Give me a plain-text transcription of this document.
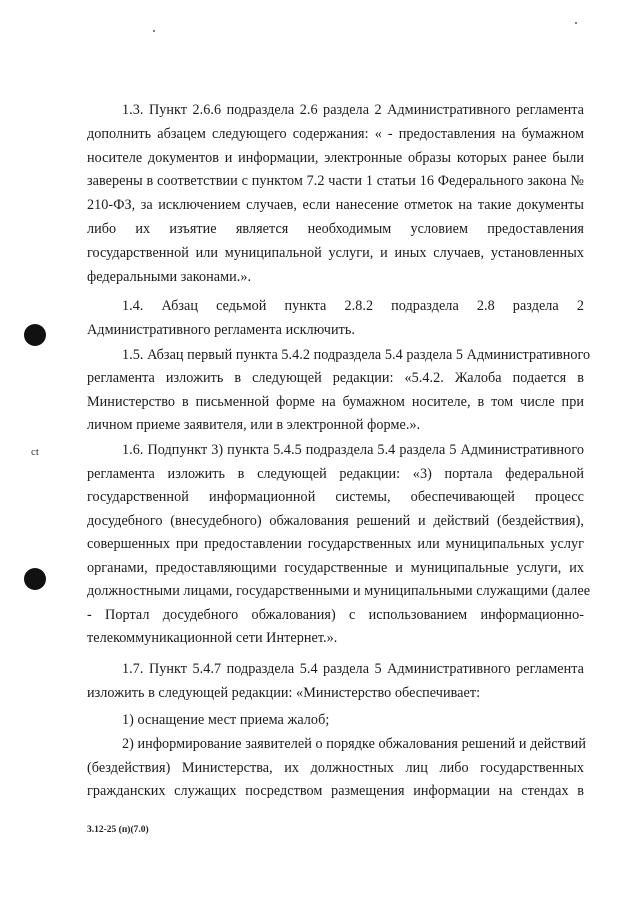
ct
1.3. Пункт 2.6.6 подраздела 2.6 раздела 2 Административного регламента
дополнить абзацем следующего содержания: « - предоставления на бумажном
носителе документов и информации, электронные образы которых ранее были
заверены в соответствии с пунктом 7.2 части 1 статьи 16 Федерального закона №
210-ФЗ, за исключением случаев, если нанесение отметок на такие документы
либо их изъятие является необходимым условием предоставления
государственной или муниципальной услуги, и иных случаев, установленных
федеральными законами.».
1.4. Абзац седьмой пункта 2.8.2 подраздела 2.8 раздела 2
Административного регламента исключить.
1.5. Абзац первый пункта 5.4.2 подраздела 5.4 раздела 5 Административного
регламента изложить в следующей редакции: «5.4.2. Жалоба подается в
Министерство в письменной форме на бумажном носителе, в том числе при
личном приеме заявителя, или в электронной форме.».
1.6. Подпункт 3) пункта 5.4.5 подраздела 5.4 раздела 5 Административного
регламента изложить в следующей редакции: «3) портала федеральной
государственной информационной системы, обеспечивающей процесс
досудебного (внесудебного) обжалования решений и действий (бездействия),
совершенных при предоставлении государственных или муниципальных услуг
органами, предоставляющими государственные и муниципальные услуги, их
должностными лицами, государственными и муниципальными служащими (далее
- Портал досудебного обжалования) с использованием информационно-
телекоммуникационной сети Интернет.».
1.7. Пункт 5.4.7 подраздела 5.4 раздела 5 Административного регламента
изложить в следующей редакции: «Министерство обеспечивает:
1) оснащение мест приема жалоб;
2) информирование заявителей о порядке обжалования решений и действий
(бездействия) Министерства, их должностных лиц либо государственных
гражданских служащих посредством размещения информации на стендах в
3.12-25 (п)(7.0)
